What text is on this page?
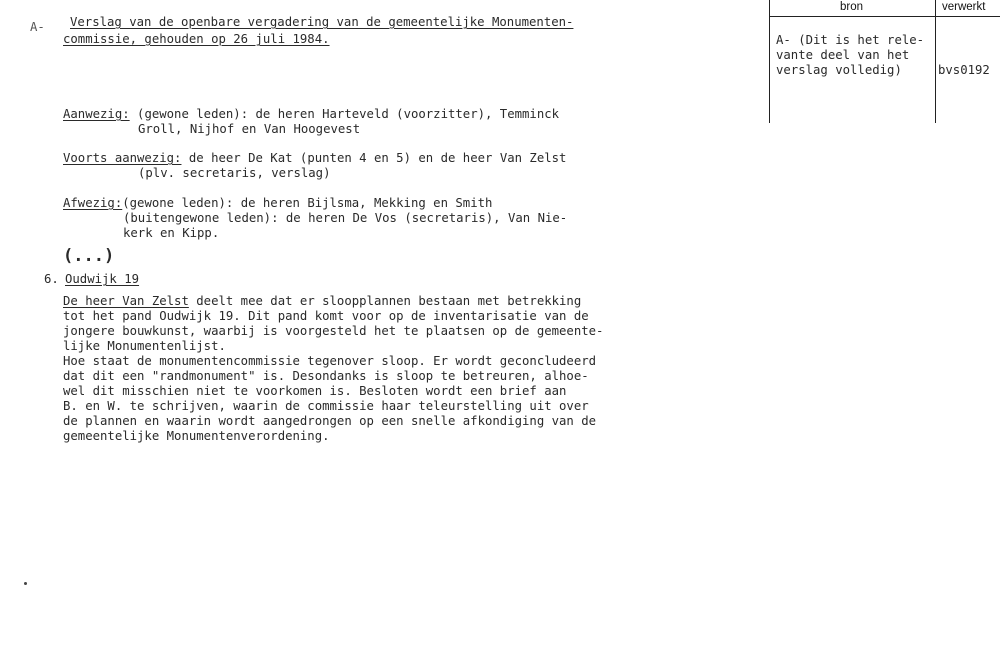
A- Verslag van de openbare vergadering van de gemeentelijke Monumenten-
commissie, gehouden op 26 juli 1984.
bron	verwerkt
A- (Dit is het rele-
vante deel van het
verslag volledig)	bvs0192
Aanwezig: (gewone leden): de heren Harteveld (voorzitter), Temminck
Groll, Nijhof en Van Hoogevest
Voorts aanwezig: de heer De Kat (punten 4 en 5) en de heer Van Zelst
(plv. secretaris, verslag)
Afwezig:(gewone leden): de heren Bijlsma, Mekking en Smith
(buitengewone leden): de heren De Vos (secretaris), Van Nie-
kerk en Kipp.
(...)
6. Oudwijk 19
De heer Van Zelst deelt mee dat er sloopplannen bestaan met betrekking
tot het pand Oudwijk 19. Dit pand komt voor op de inventarisatie van de
jongere bouwkunst, waarbij is voorgesteld het te plaatsen op de gemeente-
lijke Monumentenlijst.
Hoe staat de monumentencommissie tegenover sloop. Er wordt geconcludeerd
dat dit een "randmonument" is. Desondanks is sloop te betreuren, alhoe-
wel dit misschien niet te voorkomen is. Besloten wordt een brief aan
B. en W. te schrijven, waarin de commissie haar teleurstelling uit over
de plannen en waarin wordt aangedrongen op een snelle afkondiging van de
gemeentelijke Monumentenverordening.
